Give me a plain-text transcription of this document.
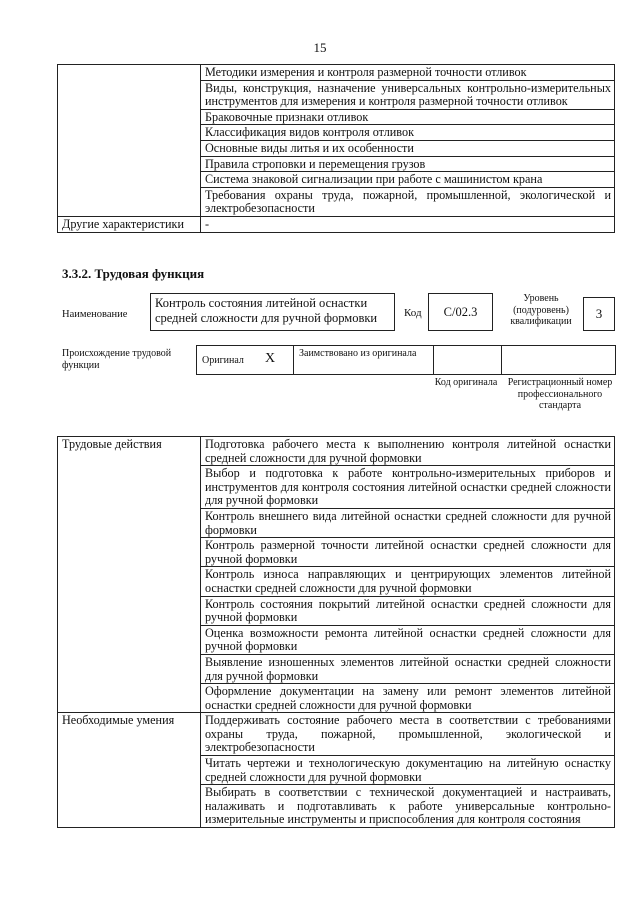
15
	Методики измерения и контроля размерной точности отливок
	Виды, конструкция, назначение универсальных контрольно-измерительных инструментов для измерения и контроля размерной точности отливок
	Браковочные признаки отливок
	Классификация видов контроля отливок
	Основные виды литья и их особенности
	Правила строповки и перемещения грузов
	Система знаковой сигнализации при работе с машинистом крана
	Требования охраны труда, пожарной, промышленной, экологической и электробезопасности
Другие характеристики	-
3.3.2. Трудовая функция
Наименование
Контроль состояния литейной оснастки средней сложности для ручной формовки	Код C/02.3
Уровень (подуровень) квалификации
3
Происхождение трудовой функции	Оригинал X Заимствовано из оригинала
Код оригинала Регистрационный номер профессионального стандарта
Трудовые действия	Подготовка рабочего места к выполнению контроля литейной оснастки средней сложности для ручной формовки
	Выбор и подготовка к работе контрольно-измерительных приборов и инструментов для контроля состояния литейной оснастки средней сложности для ручной формовки
	Контроль внешнего вида литейной оснастки средней сложности для ручной формовки
	Контроль размерной точности литейной оснастки средней сложности для ручной формовки
	Контроль износа направляющих и центрирующих элементов литейной оснастки средней сложности для ручной формовки
	Контроль состояния покрытий литейной оснастки средней сложности для ручной формовки
	Оценка возможности ремонта литейной оснастки средней сложности для ручной формовки
	Выявление изношенных элементов литейной оснастки средней сложности для ручной формовки
	Оформление документации на замену или ремонт элементов литейной оснастки средней сложности для ручной формовки
Необходимые умения	Поддерживать состояние рабочего места в соответствии с требованиями охраны труда, пожарной, промышленной, экологической и электробезопасности
	Читать чертежи и технологическую документацию на литейную оснастку средней сложности для ручной формовки
	Выбирать в соответствии с технической документацией и настраивать, налаживать и подготавливать к работе универсальные контрольно-измерительные инструменты и приспособления для контроля состояния
